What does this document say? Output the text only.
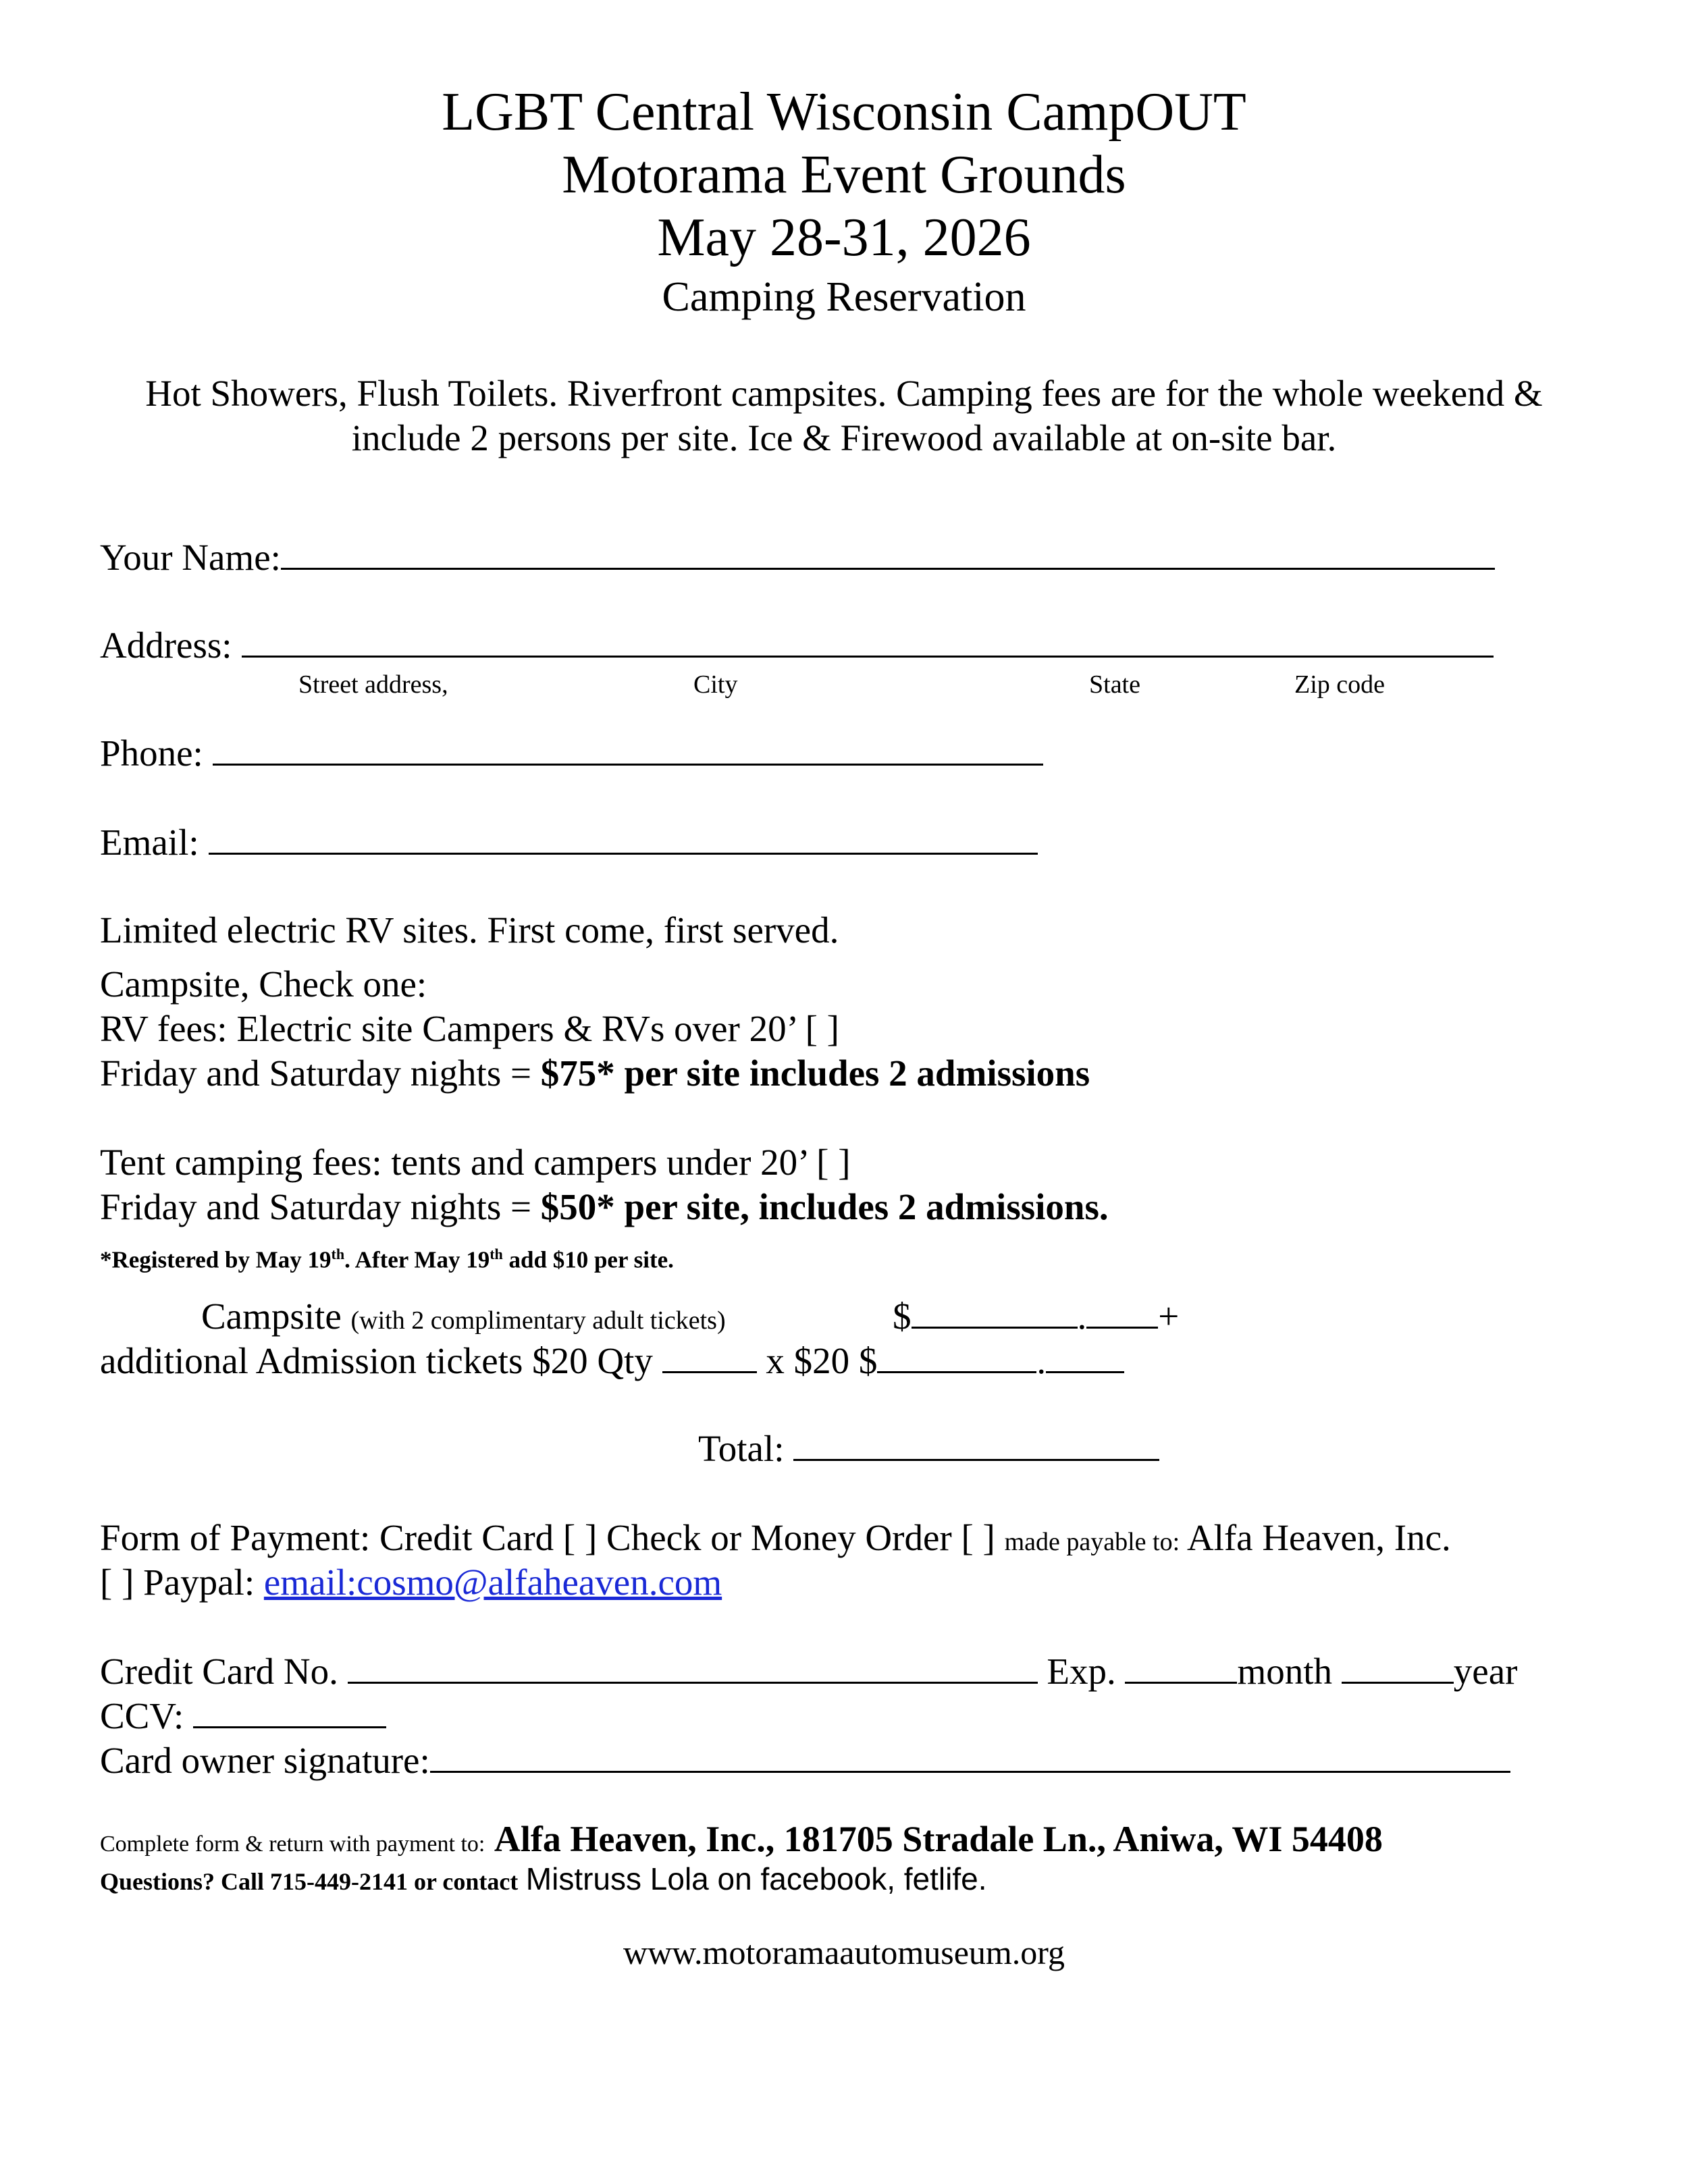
LGBT Central Wisconsin CampOUT
Motorama Event Grounds
May 28-31, 2026
Camping Reservation
Hot Showers, Flush Toilets. Riverfront campsites. Camping fees are for the whole weekend &
include 2 persons per site. Ice & Firewood available at on-site bar.
Your Name:
Address:
Street address,	City	State	Zip code
Phone:
Email:
Limited electric RV sites. First come, first served.
Campsite, Check one:
RV fees: Electric site Campers & RVs over 20’ [ ]
Friday and Saturday nights = $75* per site includes 2 admissions
Tent camping fees: tents and campers under 20’ [ ]
Friday and Saturday nights = $50* per site, includes 2 admissions.
*Registered by May 19th. After May 19th add $10 per site.
Campsite (with 2 complimentary adult tickets)	$	. +
additional Admission tickets $20 Qty	x $20 $	.
Total:
Form of Payment: Credit Card [ ] Check or Money Order [ ] made payable to: Alfa Heaven, Inc.
[ ] Paypal: email:cosmo@alfaheaven.com
Credit Card No.	Exp.	month	year
CCV:
Card owner signature:
Complete form & return with payment to: Alfa Heaven, Inc., 181705 Stradale Ln., Aniwa, WI 54408
Questions? Call 715-449-2141 or contact Mistruss Lola on facebook, fetlife.
www.motoramaautomuseum.org
